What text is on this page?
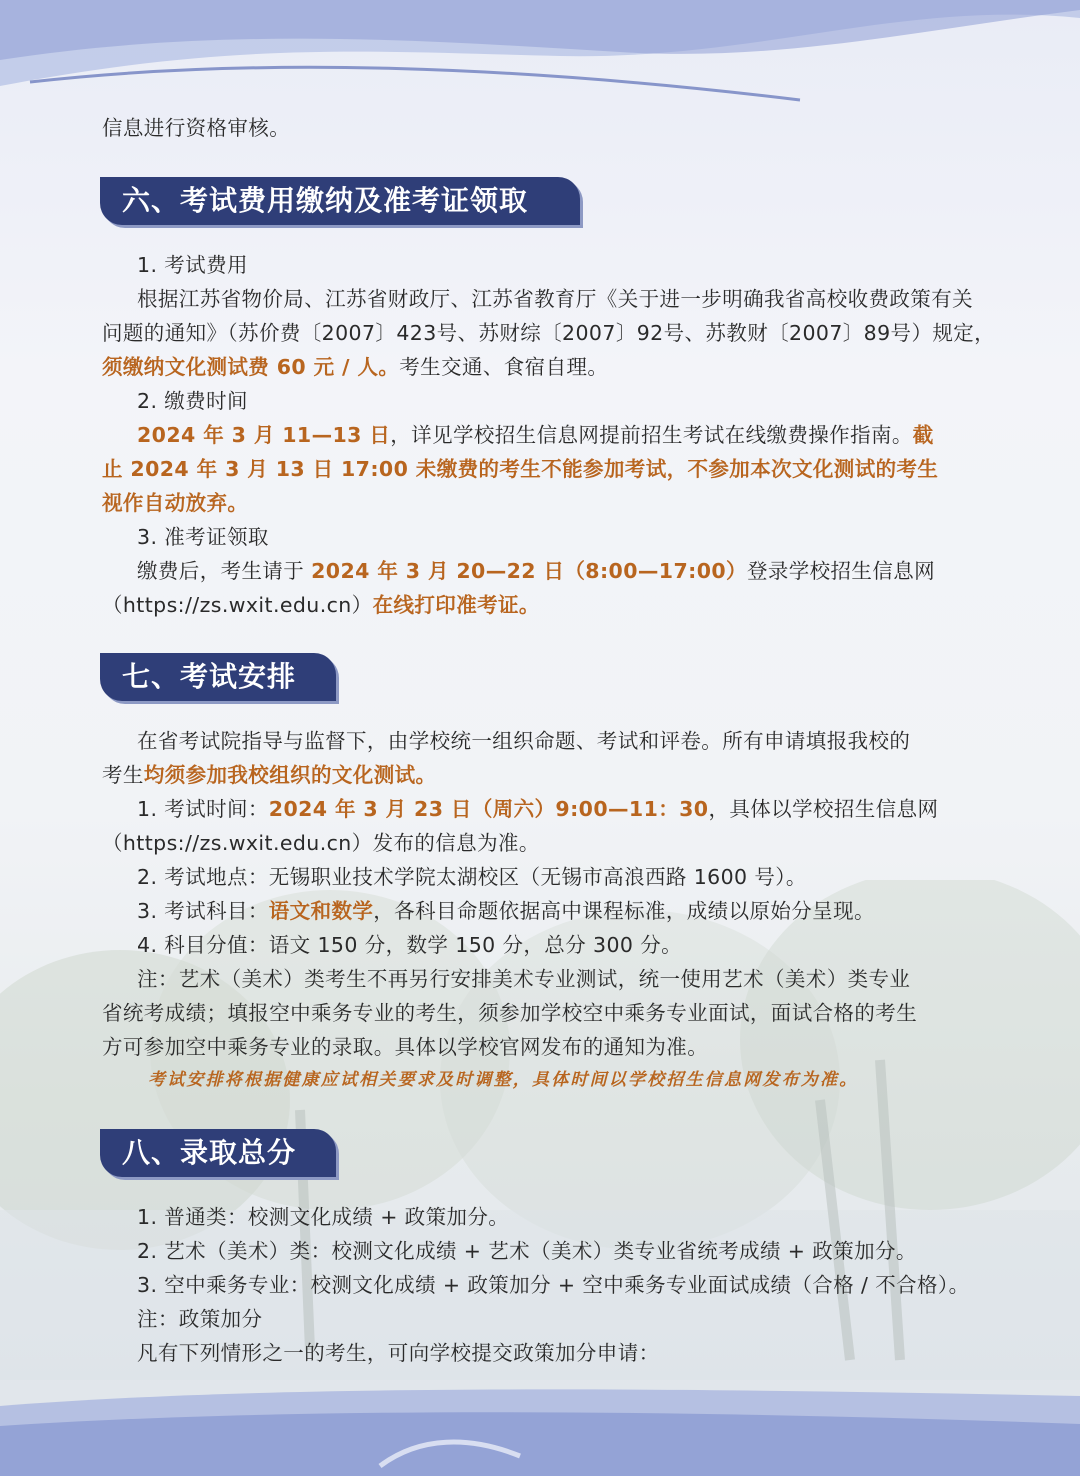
信息进行资格审核。
六、考试费用缴纳及准考证领取
1. 考试费用
根据江苏省物价局、江苏省财政厅、江苏省教育厅《关于进一步明确我省高校收费政策有关
问题的通知》（苏价费〔2007〕423号、苏财综〔2007〕92号、苏教财〔2007〕89号）规定，
须缴纳文化测试费 60 元 / 人。考生交通、食宿自理。
2. 缴费时间
2024 年 3 月 11—13 日，详见学校招生信息网提前招生考试在线缴费操作指南。截
止 2024 年 3 月 13 日 17:00 未缴费的考生不能参加考试，不参加本次文化测试的考生
视作自动放弃。
3. 准考证领取
缴费后，考生请于 2024 年 3 月 20—22 日（8:00—17:00）登录学校招生信息网
（https://zs.wxit.edu.cn）在线打印准考证。
七、考试安排
在省考试院指导与监督下，由学校统一组织命题、考试和评卷。所有申请填报我校的
考生均须参加我校组织的文化测试。
1. 考试时间：2024 年 3 月 23 日（周六）9:00—11：30，具体以学校招生信息网
（https://zs.wxit.edu.cn）发布的信息为准。
2. 考试地点：无锡职业技术学院太湖校区（无锡市高浪西路 1600 号）。
3. 考试科目：语文和数学，各科目命题依据高中课程标准，成绩以原始分呈现。
4. 科目分值：语文 150 分，数学 150 分，总分 300 分。
注：艺术（美术）类考生不再另行安排美术专业测试，统一使用艺术（美术）类专业
省统考成绩；填报空中乘务专业的考生，须参加学校空中乘务专业面试，面试合格的考生
方可参加空中乘务专业的录取。具体以学校官网发布的通知为准。
考试安排将根据健康应试相关要求及时调整，具体时间以学校招生信息网发布为准。
八、录取总分
1. 普通类：校测文化成绩 + 政策加分。
2. 艺术（美术）类：校测文化成绩 + 艺术（美术）类专业省统考成绩 + 政策加分。
3. 空中乘务专业：校测文化成绩 + 政策加分 + 空中乘务专业面试成绩（合格 / 不合格）。
注：政策加分
凡有下列情形之一的考生，可向学校提交政策加分申请：
